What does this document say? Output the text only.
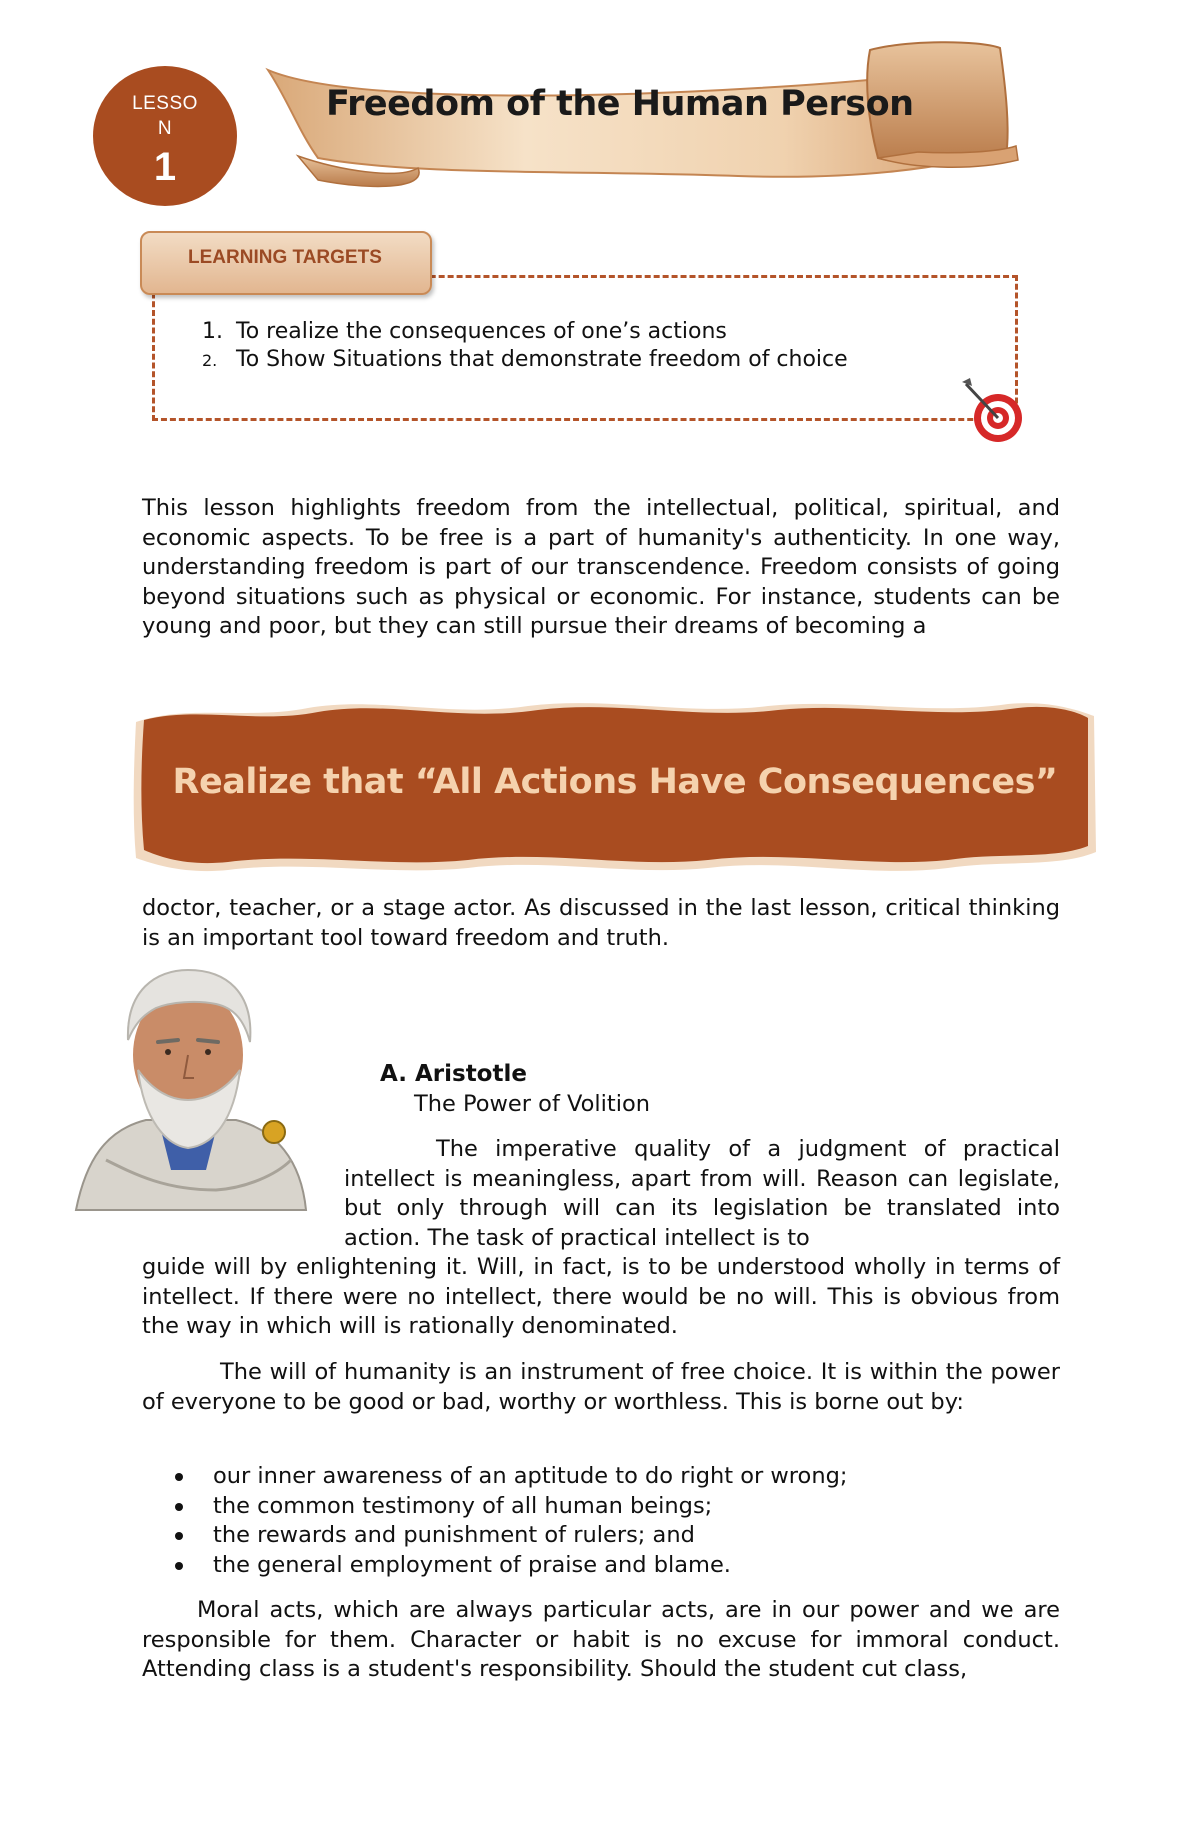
LESSO
N
1
Freedom of the Human Person
LEARNING TARGETS
1. To realize the consequences of one’s actions
2. To Show Situations that demonstrate freedom of choice

This lesson highlights freedom from the intellectual, political, spiritual, and economic aspects. To be free is a part of humanity's authenticity. In one way, understanding freedom is part of our transcendence. Freedom consists of going beyond situations such as physical or economic. For instance, students can be young and poor, but they can still pursue their dreams of becoming a

Realize that “All Actions Have Consequences”

doctor, teacher, or a stage actor. As discussed in the last lesson, critical thinking is an important tool toward freedom and truth.

A. Aristotle
The Power of Volition

The imperative quality of a judgment of practical intellect is meaningless, apart from will. Reason can legislate, but only through will can its legislation be translated into action. The task of practical intellect is to

guide will by enlightening it. Will, in fact, is to be understood wholly in terms of intellect. If there were no intellect, there would be no will. This is obvious from the way in which will is rationally denominated.

The will of humanity is an instrument of free choice. It is within the power of everyone to be good or bad, worthy or worthless. This is borne out by:

our inner awareness of an aptitude to do right or wrong;
the common testimony of all human beings;
the rewards and punishment of rulers; and
the general employment of praise and blame.

Moral acts, which are always particular acts, are in our power and we are responsible for them. Character or habit is no excuse for immoral conduct. Attending class is a student's responsibility. Should the student cut class,
